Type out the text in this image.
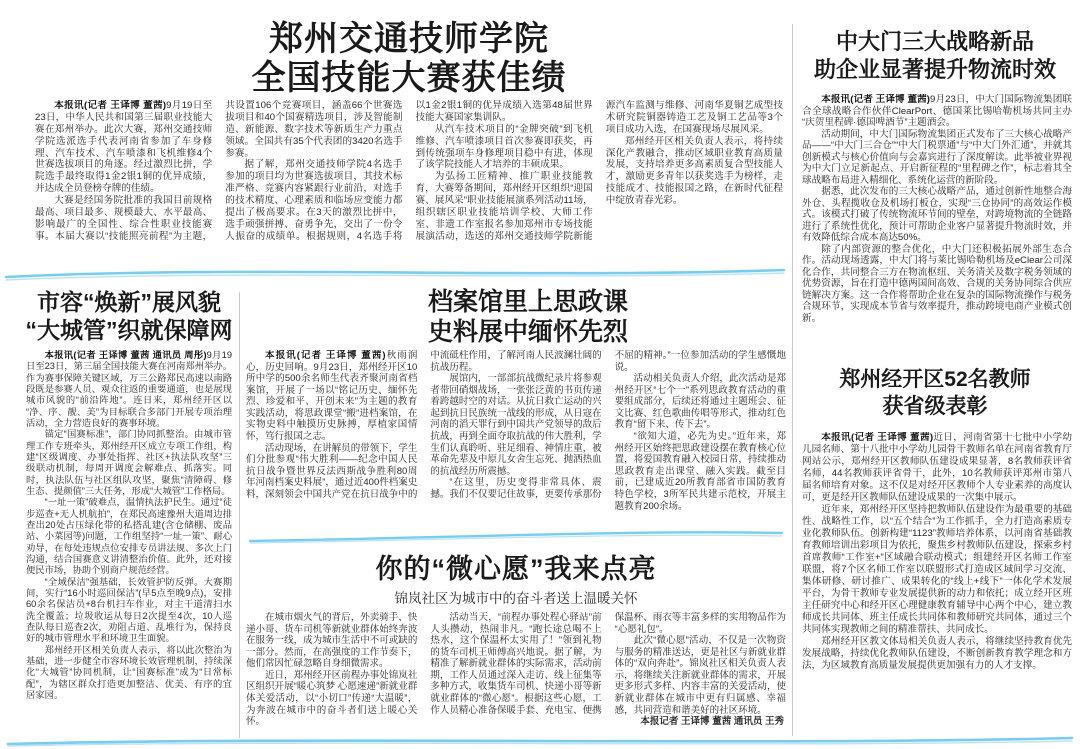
郑州交通技师学院
全国技能大赛获佳绩

本报讯(记者 王译博 董茜)9月19日至23日，中华人民共和国第三届职业技能大赛在郑州举办。此次大赛，郑州交通技师学院选派选手代表河南省参加了车身修理、汽车技术、汽车喷漆和飞机维修4个世赛选拔项目的角逐。经过激烈比拼，学院选手最终取得1金2银1铜的优异成绩，并达成全员登榜夺牌的佳绩。

大赛是经国务院批准的我国目前规格最高、项目最多、规模最大、水平最高、影响最广的全国性、综合性职业技能赛事。本届大赛以“技能照亮前程”为主题，共设置106个竞赛项目，涵盖66个世赛选拔项目和40个国赛精选项目，涉及智能制造、新能源、数字技术等新质生产力重点领域。全国共有35个代表团的3420名选手参赛。

据了解，郑州交通技师学院4名选手参加的项目均为世赛选拔项目，其技术标准严格、竞赛内容紧跟行业前沿，对选手的技术精度、心理素质和临场应变能力都提出了极高要求。在3天的激烈比拼中，选手顽强拼搏、奋勇争先，交出了一份令人振奋的成绩单。根据规则，4名选手将以1金2银1铜的优异成绩入选第48届世界技能大赛国家集训队。

从汽车技术项目的“金牌突破”到飞机维修、汽车喷漆项目首次参赛即获奖，再到传统强项车身修理项目稳中有进，体现了该学院技能人才培养的丰硕成果。

为弘扬工匠精神、推广职业技能教育，大赛筹备期间，郑州经开区组织“迎国赛、展风采”职业技能展演系列活动11场，组织辖区职业技能培训学校、大师工作室、非遗工作室报名参加郑州市专场技能展演活动，选送的郑州交通技师学院新能源汽车监测与维修、河南华夏铜艺成型技术研究院铜器铸造工艺及铜工艺品等3个项目成功入选，在国赛现场尽展风采。

郑州经开区相关负责人表示，将持续深化产教融合，推动区域职业教育高质量发展，支持培养更多高素质复合型技能人才，激励更多青年以获奖选手为榜样，走技能成才、技能报国之路，在新时代征程中绽放青春光彩。

市容“焕新”展风貌
“大城管”织就保障网

本报讯(记者 王译博 董茜 通讯员 周彤)9月19日至23日，第三届全国技能大赛在河南郑州举办。作为赛事保障关键区域，万三公路郑民高速以南路段既是参赛人员、观众往返的重要通道，也是展现城市风貌的“前沿阵地”。连日来，郑州经开区以“净、序、靓、美”为目标联合多部门开展专项治理活动，全力营造良好的赛事环境。

锚定“国赛标准”，部门协同抓整治。由城市管理工作专班牵头，郑州经开区成立专项工作组，构建“区级调度、办事处指挥、社区+执法队攻坚”三级联动机制，每周开调度会解难点、抓落实。同时，执法队伍与社区组队攻坚，聚焦“清障碍、修生态、提颜值”三大任务，形成“大城管”工作格局。

“一址一策”破难点，温情执法护民生。通过“徒步巡查+无人机航拍”，在郑民高速豫州大道周边排查出20处占压绿化带的私搭乱建(含仓储棚、废品站、小菜园等)问题，工作组坚持“一址一策”、耐心劝导，在每处违规点位安排专员讲法规、多次上门沟通，结合国赛意义讲清整治价值。此外，还对接便民市场，协助个别商户规范经营。

“全域保洁”强基础，长效管护防反弹。大赛期间，实行“16小时巡回保洁”(早5点至晚9点)，安排60余名保洁员+8台机扫车作业，对主干道清扫水洗全覆盖；垃圾收运从每日2次提至4次，10人巡查队每日巡查2次，劝阻占道、乱堆行为，保持良好的城市管理水平和环境卫生面貌。

郑州经开区相关负责人表示，将以此次整治为基础，进一步健全市容环境长效管理机制，持续深化“大城管”协同机制，让“国赛标准”成为“日常标配”，为辖区群众打造更加整洁、优美、有序的宜居家园。

档案馆里上思政课
史料展中缅怀先烈

本报讯(记者 王译博 董茜)秋雨润心，历史回响。9月23日，郑州经开区10所中学的500余名师生代表齐聚河南省档案馆，开展了一场以“铭记历史、缅怀先烈、珍爱和平、开创未来”为主题的教育实践活动，将思政课堂“搬”进档案馆，在实物史料中触摸历史脉搏，厚植家国情怀，笃行报国之志。

活动现场，在讲解员的带领下，学生们分批参观“伟大胜利——纪念中国人民抗日战争暨世界反法西斯战争胜利80周年河南档案史料展”，通过近400件档案史料，深刻领会中国共产党在抗日战争中的中流砥柱作用，了解河南人民波澜壮阔的抗战历程。

展馆内，一部部抗战微纪录片将参观者带回硝烟战场，一张张泛黄的书页传递着跨越时空的对话。从抗日救亡运动的兴起到抗日民族统一战线的形成，从日寇在河南的滔天罪行到中国共产党领导的敌后抗战，再到全面夺取抗战的伟大胜利，学生们认真聆听、驻足细看、神情庄重，被革命先辈及中原儿女舍生忘死、抛洒热血的抗战经历所震撼。

“在这里，历史变得非常具体、震撼。我们不仅要记住故事，更要传承那份不屈的精神。”一位参加活动的学生感慨地说。

活动相关负责人介绍，此次活动是郑州经开区“七个一”系列思政教育活动的重要组成部分，后续还将通过主题班会、征文比赛、红色歌曲传唱等形式，推动红色教育“留下来、传下去”。

“欲知大道，必先为史。”近年来，郑州经开区始终把思政建设摆在教育核心位置，将爱国教育融入校园日常，持续推动思政教育走出课堂、融入实践。截至目前，已建成近20所教育部省市国防教育特色学校，3所军民共建示范校，开展主题教育200余场。

你的“微心愿”我来点亮
锦岚社区为城市中的奋斗者送上温暖关怀

在城市烟火气的背后，外卖骑手、快递小哥、货车司机等新就业群体始终奔波在服务一线，成为城市生活中不可或缺的一部分。然而，在高强度的工作节奏下，他们常因忙碌忽略自身细微需求。

近日，郑州经开区前程办事处锦岚社区组织开展“暖心筑梦 心愿速递”新就业群体关爱活动，以“小切口”传递“大温暖”，为奔波在城市中的奋斗者们送上暖心关怀。

活动当天，“前程办事处程心驿站”前人头攒动，热闹非凡。“跑长途总喝不上热水，这个保温杯太实用了！”领到礼物的货车司机王师傅高兴地说。据了解，为精准了解新就业群体的实际需求，活动前期，工作人员通过深入走访、线上征集等多种方式，收集货车司机、快递小哥等新就业群体的“微心愿”。根据这些心愿，工作人员精心准备保暖手套、充电宝、便携保温杯、雨衣等丰富多样的实用物品作为“心愿礼包”。

此次“微心愿”活动，不仅是一次物资与服务的精准送达，更是社区与新就业群体的“双向奔赴”。锦岚社区相关负责人表示，将继续关注新就业群体的需求，开展更多形式多样、内容丰富的关爱活动，使新就业群体在城市中更有归属感、幸福感，共同营造和谐美好的社区环境。

本报记者 王译博 董茜 通讯员 王秀

中大门三大战略新品
助企业显著提升物流时效

本报讯(记者 王译博 董茜)9月23日，中大门国际物流集团联合全球战略合作伙伴ClearPort、德国莱比锡哈勒机场共同主办“庆贺里程碑·德国啤酒节”主题酒会。

活动期间，中大门国际物流集团正式发布了三大核心战略产品——“中大门三合仓”“中大门税票通”与“中大门外汇通”，并就其创新模式与核心价值向与会嘉宾进行了深度解读。此举被业界视为中大门立足新起点、开启新征程的“里程碑之作”，标志着其全球战略布局进入精细化、系统化运营的新阶段。

据悉，此次发布的三大核心战略产品，通过创新性地整合海外仓、头程揽收仓及机场打板仓，实现“三仓协同”的高效运作模式。该模式打破了传统物流环节间的壁垒，对跨境物流的全链路进行了系统性优化，预计可帮助企业客户显著提升物流时效，并有效降低综合成本高达50%。

除了内部资源的整合优化，中大门还积极拓展外部生态合作。活动现场透露，中大门将与莱比锡哈勒机场及eClear公司深化合作，共同整合三方在物流枢纽、关务清关及数字税务领域的优势资源，旨在打造中德两国间高效、合规的关务协同综合供应链解决方案。这一合作将帮助企业在复杂的国际物流操作与税务合规环节，实现成本节省与效率提升，推动跨境电商产业模式创新。

郑州经开区52名教师
获省级表彰

本报讯(记者 王译博 董茜)近日，河南省第十七批中小学幼儿园名师、第十八批中小学幼儿园骨干教师名单在河南省教育厅网站公示，郑州经开区教师队伍建设成果显著，8名教师获评省名师，44名教师获评省骨干，此外，10名教师获评郑州市第八届名师培育对象。这不仅是对经开区教师个人专业素养的高度认可，更是经开区教师队伍建设成果的一次集中展示。

近年来，郑州经开区坚持把教师队伍建设作为最重要的基础性、战略性工作，以“五个结合”为工作抓手，全力打造高素质专业化教师队伍。创新构建“1123”教师培养体系，以河南省基础教育教师培训出彩项目为依托，聚焦乡村教师队伍建设，探索乡村首席教师“工作室+”区域融合联动模式；组建经开区名师工作室联盟，将7个区名师工作室以联盟形式打造成区域间学习交流、集体研修、研讨推广、成果转化的“线上+线下”一体化学术发展平台，为骨干教师专业发展提供新的动力和依托；成立经开区班主任研究中心和经开区心理健康教育辅导中心两个中心，建立教师成长共同体、班主任成长共同体和教师研究共同体，通过三个共同体实现教师之间的精准帮扶、共同成长。

郑州经开区教文体局相关负责人表示，将继续坚持教育优先发展战略，持续优化教师队伍建设，不断创新教育教学理念和方法，为区域教育高质量发展提供更加强有力的人才支撑。
